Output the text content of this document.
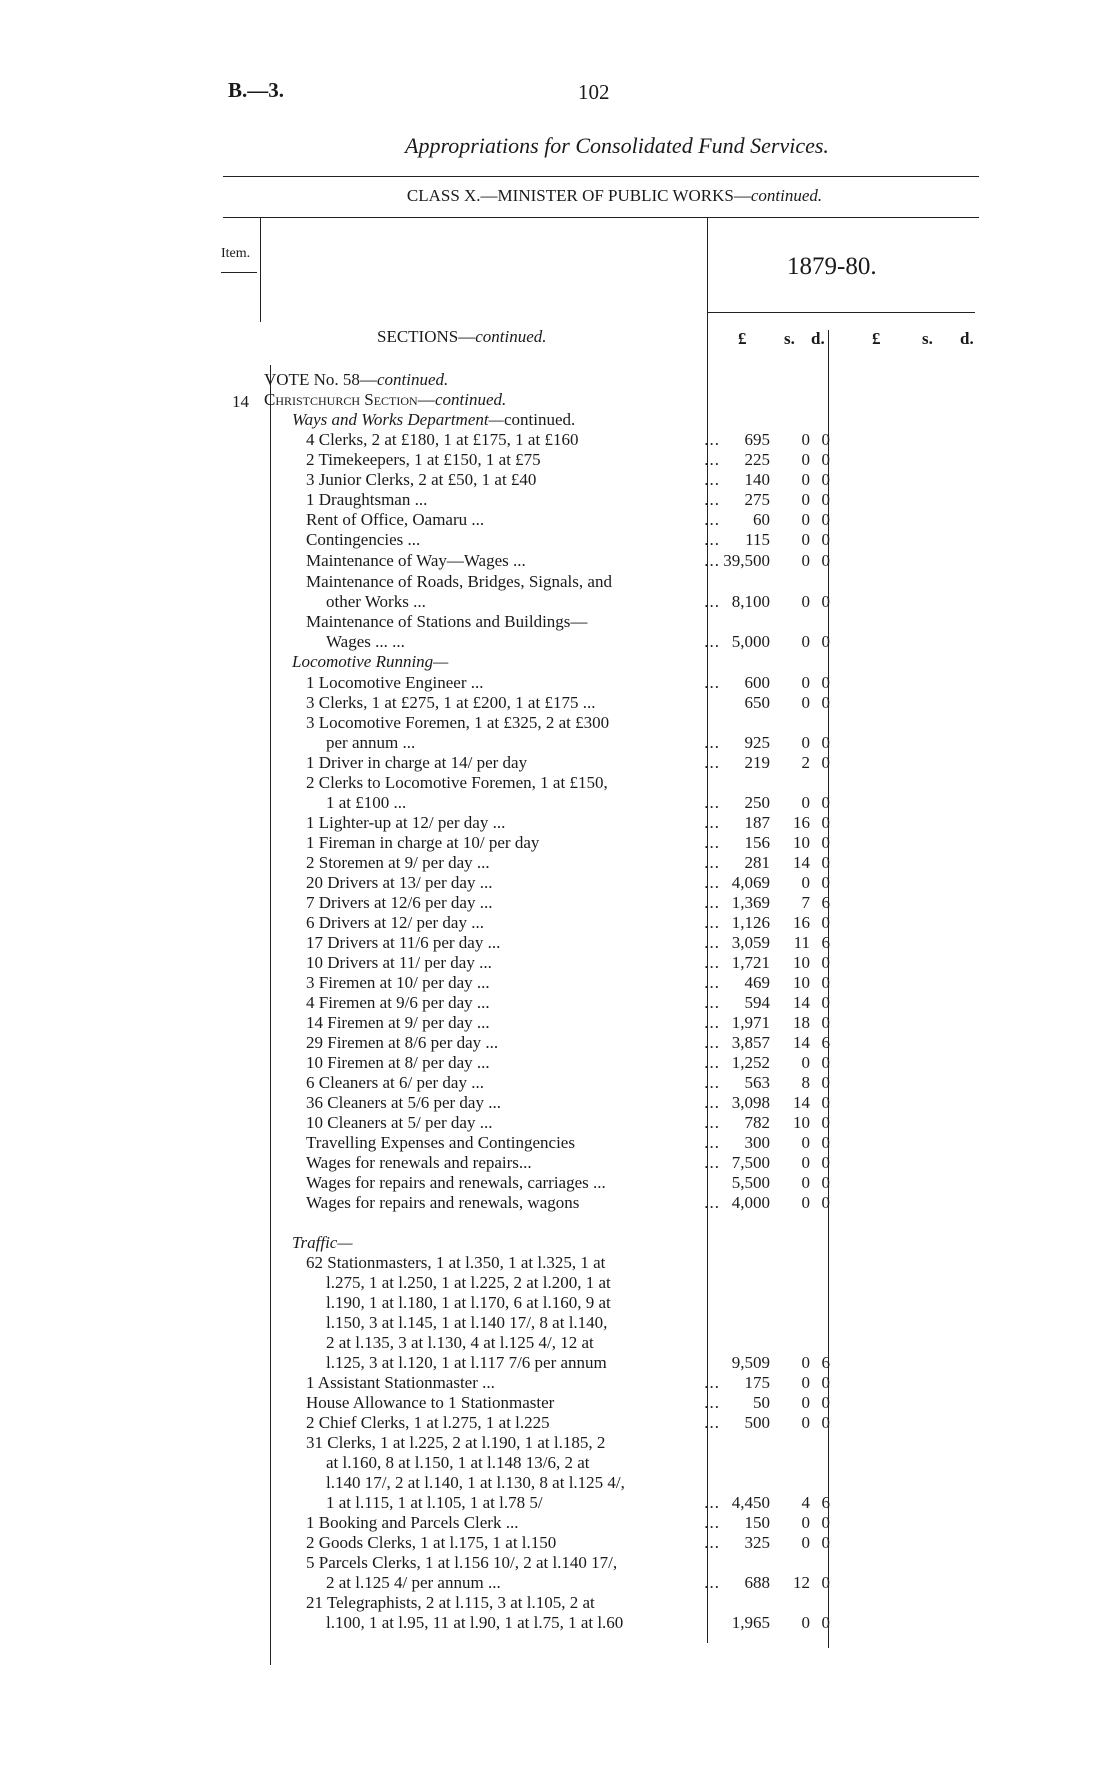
B.—3.	102
Appropriations for Consolidated Fund Services.
CLASS X.—MINISTER OF PUBLIC WORKS—continued.
Item.	1879-80.
SECTIONS—continued.	£ s. d.	£ s. d.
14
VOTE No. 58— continued.
Christchurch Section— continued.
Ways and Works Department— continued.
4 Clerks, 2 at £180, 1 at £175, 1 at £160	...	695	0 0
2 Timekeepers, 1 at £150, 1 at £75	...	225	0 0
3 Junior Clerks, 2 at £50, 1 at £40	...	140	0 0
1 Draughtsman ...	...	275	0 0
Rent of Office, Oamaru ...	...	60	0 0
Contingencies ...	...	115	0 0
Maintenance of Way—Wages ...	... 39,500	0 0
Maintenance of Roads, Bridges, Signals, and
other Works ...	... 8,100	0 0
Maintenance of Stations and Buildings—
Wages ... ...	... 5,000	0 0
Locomotive Running—
1 Locomotive Engineer ...	...	600	0 0
3 Clerks, 1 at £275, 1 at £200, 1 at £175 ...	650	0 0
3 Locomotive Foremen, 1 at £325, 2 at £300
per annum ...	...	925	0 0
1 Driver in charge at 14/ per day	...	219	2 0
2 Clerks to Locomotive Foremen, 1 at £150,
1 at £100 ...	...	250	0 0
1 Lighter-up at 12/ per day ...	...	187	16 0
1 Fireman in charge at 10/ per day	...	156	10 0
2 Storemen at 9/ per day ...	...	281	14 0
20 Drivers at 13/ per day ...	... 4,069	0 0
7 Drivers at 12/6 per day ...	... 1,369	7 6
6 Drivers at 12/ per day ...	... 1,126	16 0
17 Drivers at 11/6 per day ...	... 3,059	11 6
10 Drivers at 11/ per day ...	... 1,721	10 0
3 Firemen at 10/ per day ...	...	469	10 0
4 Firemen at 9/6 per day ...	...	594	14 0
14 Firemen at 9/ per day ...	... 1,971	18 0
29 Firemen at 8/6 per day ...	... 3,857	14 6
10 Firemen at 8/ per day ...	... 1,252	0 0
6 Cleaners at 6/ per day ...	...	563	8 0
36 Cleaners at 5/6 per day ...	... 3,098	14 0
10 Cleaners at 5/ per day ...	...	782	10 0
Travelling Expenses and Contingencies	...	300	0 0
Wages for renewals and repairs...	... 7,500	0 0
Wages for repairs and renewals, carriages ...	5,500	0 0
Wages for repairs and renewals, wagons	... 4,000	0 0
Traffic—
62 Stationmasters, 1 at l.350, 1 at l.325, 1 at
l.275, 1 at l.250, 1 at l.225, 2 at l.200, 1 at
l.190, 1 at l.180, 1 at l.170, 6 at l.160, 9 at
l.150, 3 at l.145, 1 at l.140 17/, 8 at l.140,
2 at l.135, 3 at l.130, 4 at l.125 4/, 12 at
l.125, 3 at l.120, 1 at l.117 7/6 per annum	9,509	0 6
1 Assistant Stationmaster ...	...	175	0 0
House Allowance to 1 Stationmaster	...	50	0 0
2 Chief Clerks, 1 at l.275, 1 at l.225	...	500	0 0
31 Clerks, 1 at l.225, 2 at l.190, 1 at l.185, 2
at l.160, 8 at l.150, 1 at l.148 13/6, 2 at
l.140 17/, 2 at l.140, 1 at l.130, 8 at l.125 4/,
1 at l.115, 1 at l.105, 1 at l.78 5/	... 4,450	4 6
1 Booking and Parcels Clerk ...	...	150	0 0
2 Goods Clerks, 1 at l.175, 1 at l.150	...	325	0 0
5 Parcels Clerks, 1 at l.156 10/, 2 at l.140 17/,
2 at l.125 4/ per annum ...	...	688	12 0
21 Telegraphists, 2 at l.115, 3 at l.105, 2 at
l.100, 1 at l.95, 11 at l.90, 1 at l.75, 1 at l.60	1,965	0 0
